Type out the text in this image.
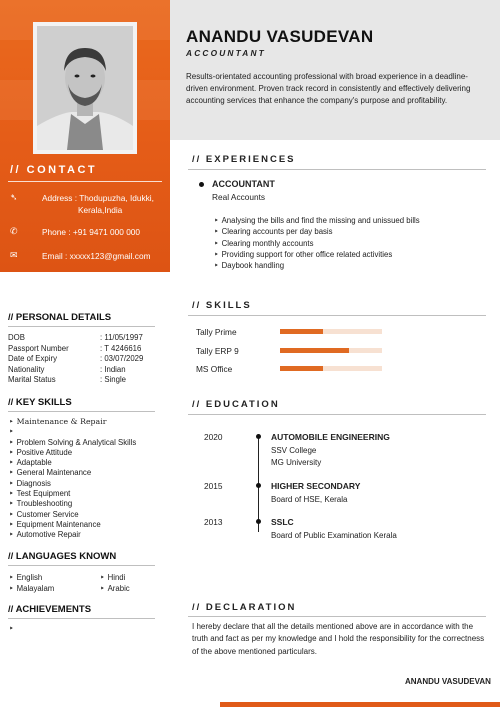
// CONTACT
➴	Address : Thodupuzha, Idukki,
Kerala,India
✆	Phone : +91 9471 000 000
✉	Email : xxxxx123@gmail.com
ANANDU VASUDEVAN
ACCOUNTANT
Results-orientated accounting professional with broad experience in a deadline-driven environment. Proven track record in consistently and effectively delivering accounting services that enhance the company's purpose and profitability.
// EXPERIENCES
ACCOUNTANT
Real Accounts
‣ Analysing the bills and find the missing and unissued bills
‣ Clearing accounts per day basis
‣ Clearing monthly accounts
‣ Providing support for other office related activities
‣ Daybook handling
// SKILLS
Tally Prime
Tally ERP 9
MS Office
// EDUCATION
2020	AUTOMOBILE ENGINEERING
SSV College
MG University
2015	HIGHER SECONDARY
Board of HSE, Kerala
2013	SSLC
Board of Public Examination Kerala
// DECLARATION
I hereby declare that all the details mentioned above are in accordance with the truth and fact as per my knowledge and I hold the responsibility for the correctness of the above mentioned particulars.
ANANDU VASUDEVAN
// PERSONAL DETAILS
DOB	: 11/05/1997
Passport Number	: T 4246616
Date of Expiry	: 03/07/2029
Nationality	: Indian
Marital Status	: Single
// KEY SKILLS
‣ Maintenance & Repair
‣
‣ Problem Solving & Analytical Skills
‣ Positive Attitude
‣ Adaptable
‣ General Maintenance
‣ Diagnosis
‣ Test Equipment
‣ Troubleshooting
‣ Customer Service
‣ Equipment Maintenance
‣ Automotive Repair
// LANGUAGES KNOWN
‣ English
‣ Malayalam
‣ Hindi
‣ Arabic
// ACHIEVEMENTS
‣
